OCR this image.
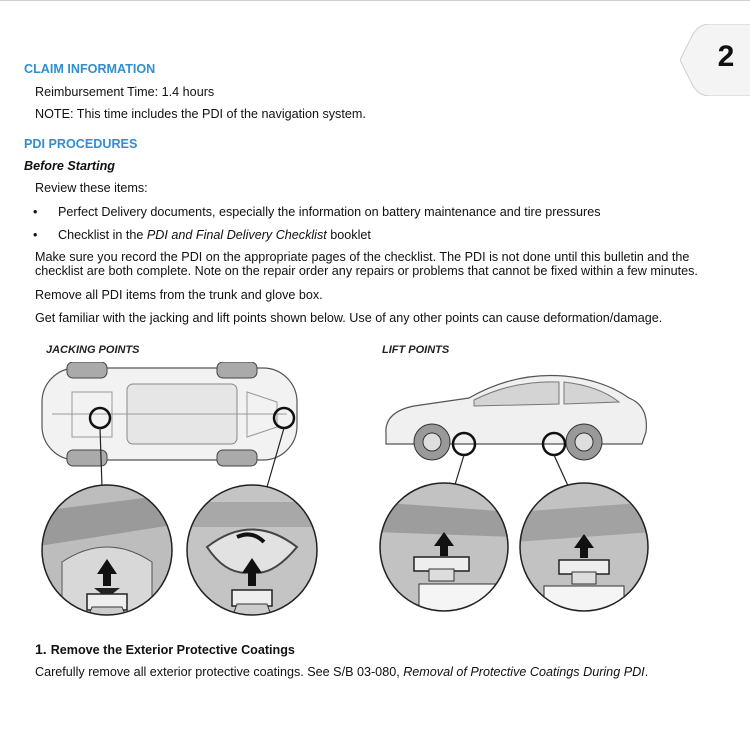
2
CLAIM INFORMATION
Reimbursement Time: 1.4 hours
NOTE: This time includes the PDI of the navigation system.
PDI PROCEDURES
Before Starting
Review these items:
• Perfect Delivery documents, especially the information on battery maintenance and tire pressures
• Checklist in the PDI and Final Delivery Checklist booklet
Make sure you record the PDI on the appropriate pages of the checklist. The PDI is not done until this bulletin and the checklist are both complete. Note on the repair order any repairs or problems that cannot be fixed within a few minutes.
Remove all PDI items from the trunk and glove box.
Get familiar with the jacking and lift points shown below. Use of any other points can cause deformation/damage.
JACKING POINTS	LIFT POINTS
1. Remove the Exterior Protective Coatings
Carefully remove all exterior protective coatings. See S/B 03-080, Removal of Protective Coatings During PDI.
